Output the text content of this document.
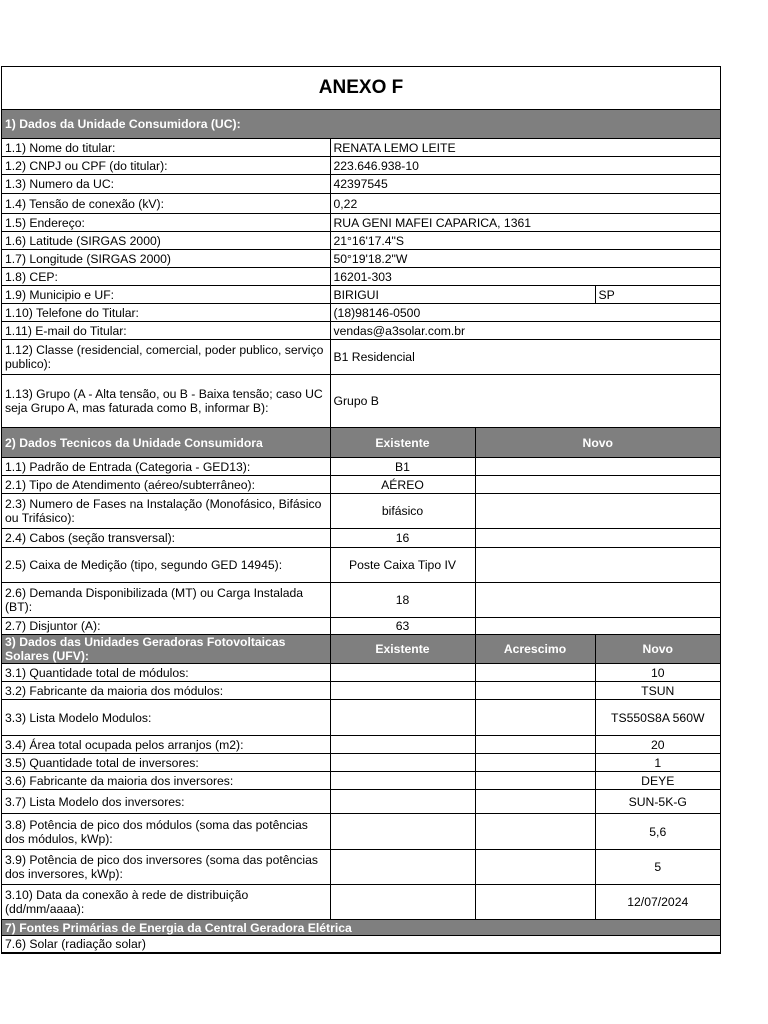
ANEXO F			
1) Dados da Unidade Consumidora (UC):			
1.1) Nome do titular:	RENATA LEMO LEITE		
1.2) CNPJ ou CPF (do titular):	223.646.938-10		
1.3) Numero da UC:	42397545		
1.4) Tensão de conexão (kV):	0,22		
1.5) Endereço:	RUA GENI MAFEI CAPARICA, 1361		
1.6) Latitude (SIRGAS 2000)	21°16'17.4"S		
1.7) Longitude (SIRGAS 2000)	50°19'18.2"W		
1.8) CEP:	16201-303		
1.9) Municipio e UF:	BIRIGUI		SP
1.10) Telefone do Titular:	(18)98146-0500		
1.11) E-mail do Titular:	vendas@a3solar.com.br		
1.12) Classe (residencial, comercial, poder publico, serviço publico):	B1 Residencial		
1.13) Grupo (A - Alta tensão, ou B - Baixa tensão; caso UC seja Grupo A, mas faturada como B, informar B):	Grupo B		
2) Dados Tecnicos da Unidade Consumidora	Existente	Novo	
1.1) Padrão de Entrada (Categoria - GED13):	B1		
2.1) Tipo de Atendimento (aéreo/subterrâneo):	AÉREO		
2.3) Numero de Fases na Instalação (Monofásico, Bifásico ou Trifásico):	bifásico		
2.4) Cabos (seção transversal):	16		
2.5) Caixa de Medição (tipo, segundo GED 14945):	Poste Caixa Tipo IV		
2.6) Demanda Disponibilizada (MT) ou Carga Instalada (BT):	18		
2.7) Disjuntor (A):	63		
3) Dados das Unidades Geradoras Fotovoltaicas Solares (UFV):	Existente	Acrescimo	Novo
3.1) Quantidade total de módulos:			10
3.2) Fabricante da maioria dos módulos:			TSUN
3.3) Lista Modelo Modulos:			TS550S8A 560W
3.4) Área total ocupada pelos arranjos (m2):			20
3.5) Quantidade total de inversores:			1
3.6) Fabricante da maioria dos inversores:			DEYE
3.7) Lista Modelo dos inversores:			SUN-5K-G
3.8) Potência de pico dos módulos (soma das potências dos módulos, kWp):			5,6
3.9) Potência de pico dos inversores (soma das potências dos inversores, kWp):			5
3.10) Data da conexão à rede de distribuição (dd/mm/aaaa):			12/07/2024
7) Fontes Primárias de Energia da Central Geradora Elétrica			
7.6) Solar (radiação solar)			
